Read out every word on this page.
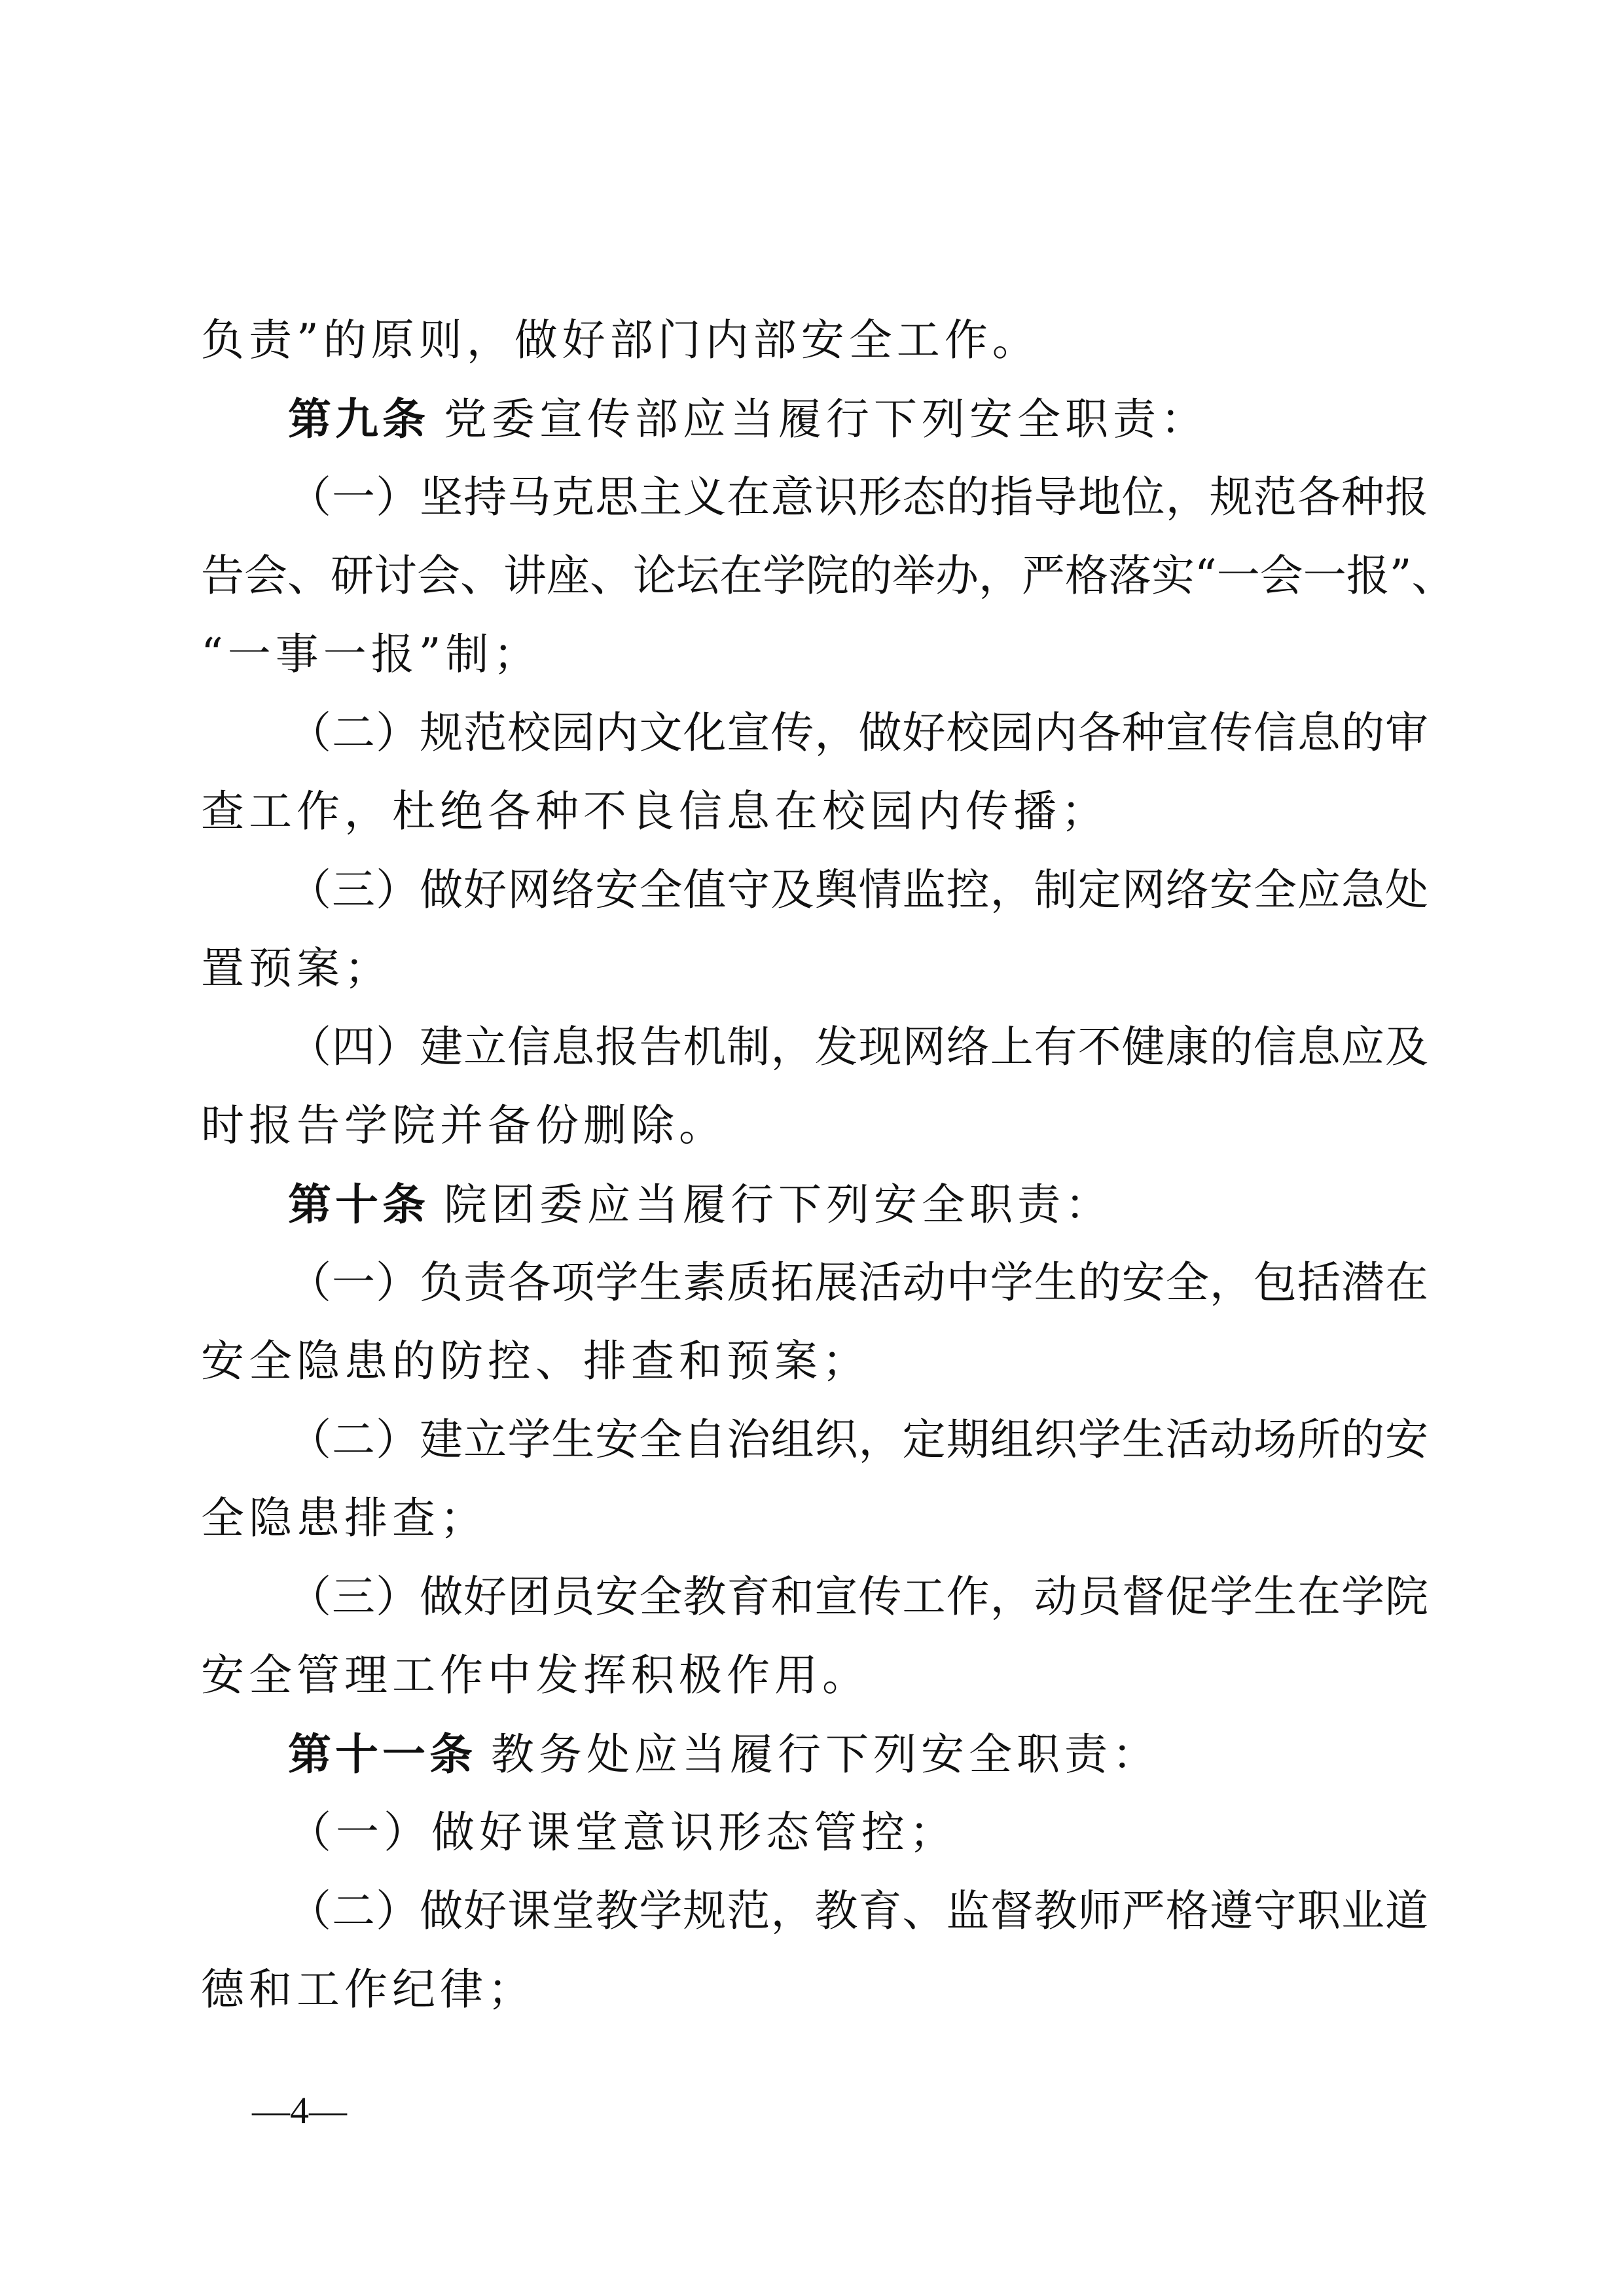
负责”的原则，做好部门内部安全工作。
第九条 党委宣传部应当履行下列安全职责：
（一）坚持马克思主义在意识形态的指导地位，规范各种报
告会、研讨会、讲座、论坛在学院的举办，严格落实“一会一报”、
“一事一报”制；
（二）规范校园内文化宣传，做好校园内各种宣传信息的审
查工作，杜绝各种不良信息在校园内传播；
（三）做好网络安全值守及舆情监控，制定网络安全应急处
置预案；
（四）建立信息报告机制，发现网络上有不健康的信息应及
时报告学院并备份删除。
第十条 院团委应当履行下列安全职责：
（一）负责各项学生素质拓展活动中学生的安全，包括潜在
安全隐患的防控、排查和预案；
（二）建立学生安全自治组织，定期组织学生活动场所的安
全隐患排查；
（三）做好团员安全教育和宣传工作，动员督促学生在学院
安全管理工作中发挥积极作用。
第十一条 教务处应当履行下列安全职责：
（一）做好课堂意识形态管控；
（二）做好课堂教学规范，教育、监督教师严格遵守职业道
德和工作纪律；
—4—
